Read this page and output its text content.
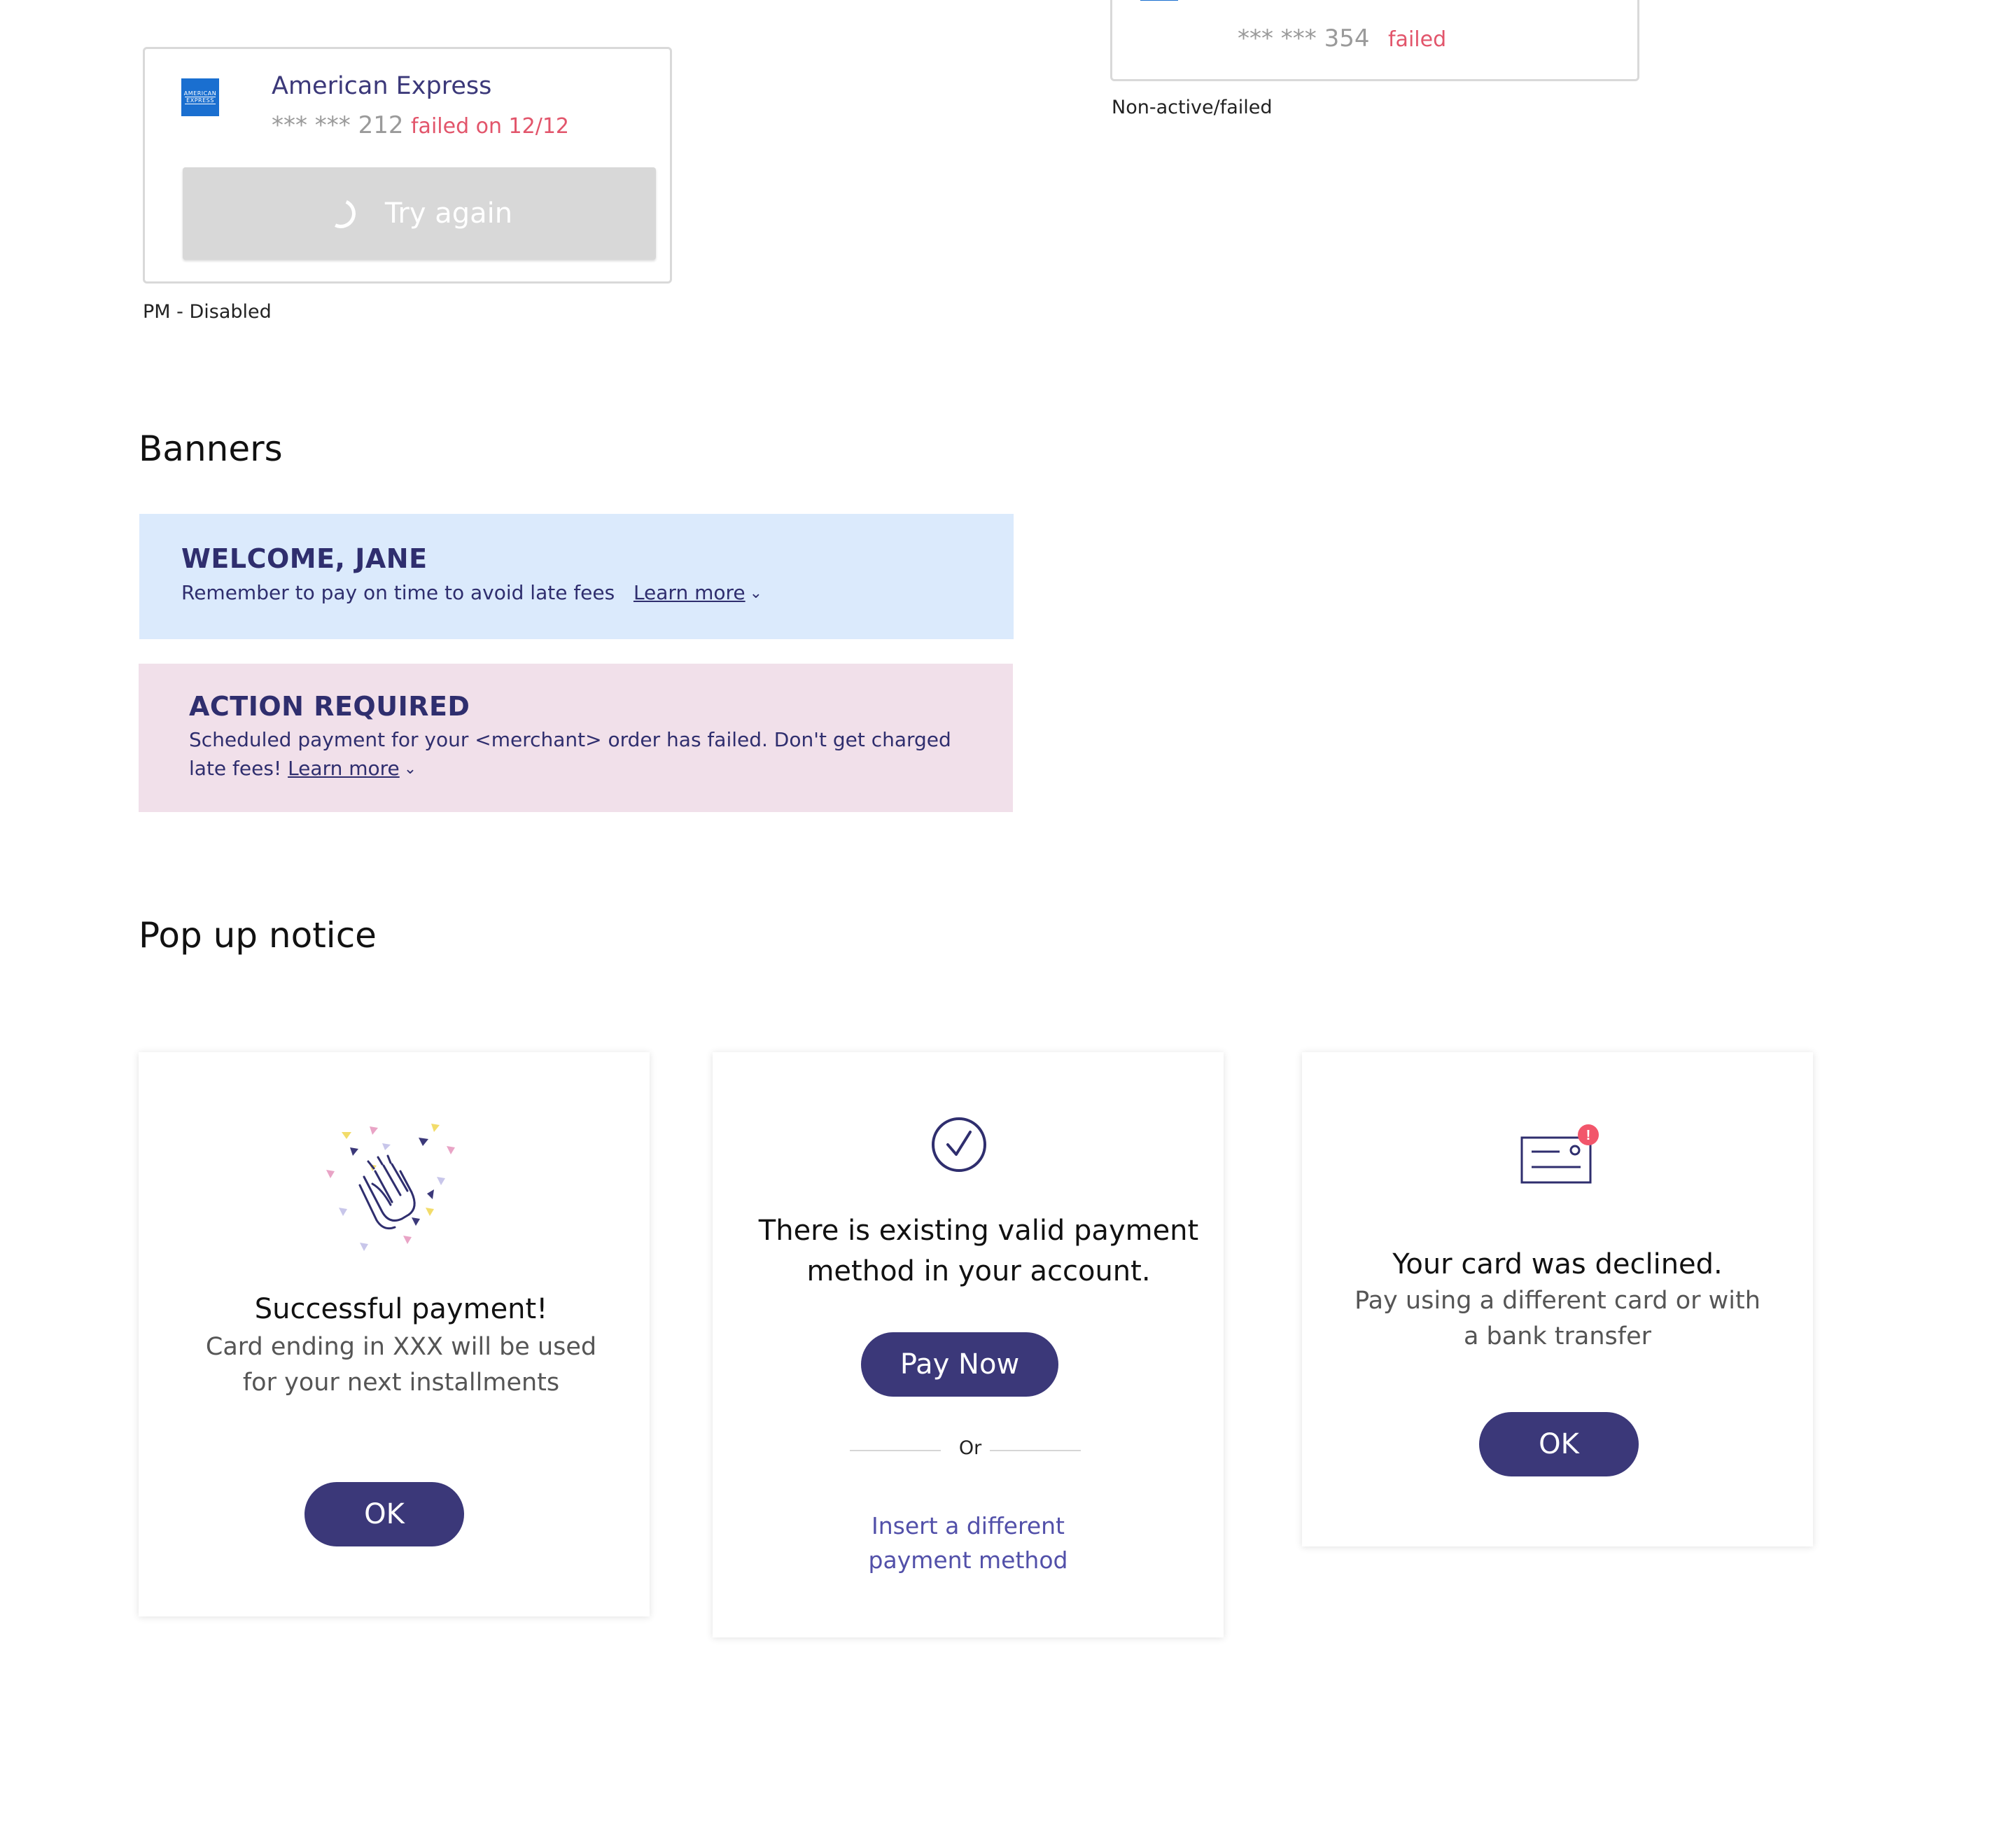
*** *** 354 failed
Non-active/failed
AMERICAN
EXPRESS
American Express
*** *** 212 failed on 12/12
Try again
PM - Disabled
Banners
WELCOME, JANE
Remember to pay on time to avoid late fees Learn more ⌄
ACTION REQUIRED
Scheduled payment for your <merchant> order has failed. Don't get charged late fees! Learn more ⌄
Pop up notice
Successful payment!
Card ending in XXX will be used for your next installments
OK
There is existing valid payment method in your account.
Pay Now
Or
Insert a different payment method
!
Your card was declined.
Pay using a different card or with a bank transfer
OK
